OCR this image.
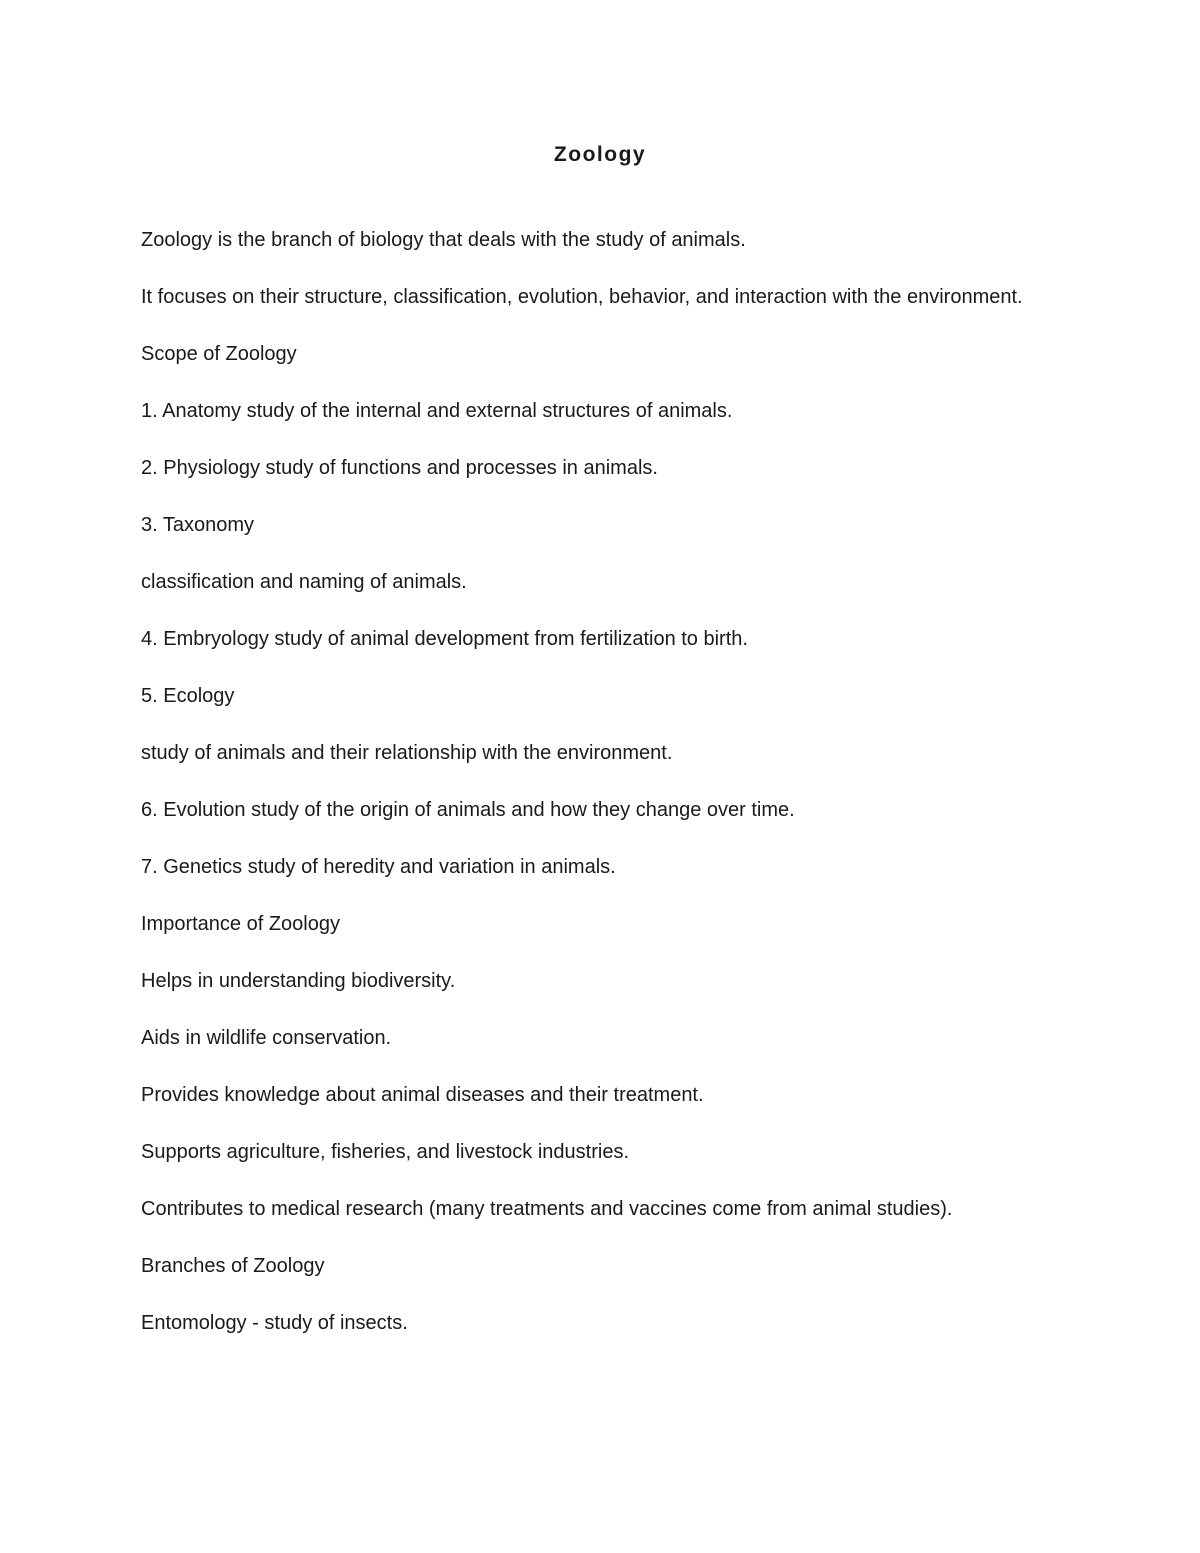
Zoology

Zoology is the branch of biology that deals with the study of animals.

It focuses on their structure, classification, evolution, behavior, and interaction with the environment.

Scope of Zoology

1. Anatomy study of the internal and external structures of animals.

2. Physiology study of functions and processes in animals.

3. Taxonomy

classification and naming of animals.

4. Embryology study of animal development from fertilization to birth.

5. Ecology

study of animals and their relationship with the environment.

6. Evolution study of the origin of animals and how they change over time.

7. Genetics study of heredity and variation in animals.

Importance of Zoology

Helps in understanding biodiversity.

Aids in wildlife conservation.

Provides knowledge about animal diseases and their treatment.

Supports agriculture, fisheries, and livestock industries.

Contributes to medical research (many treatments and vaccines come from animal studies).

Branches of Zoology

Entomology - study of insects.
